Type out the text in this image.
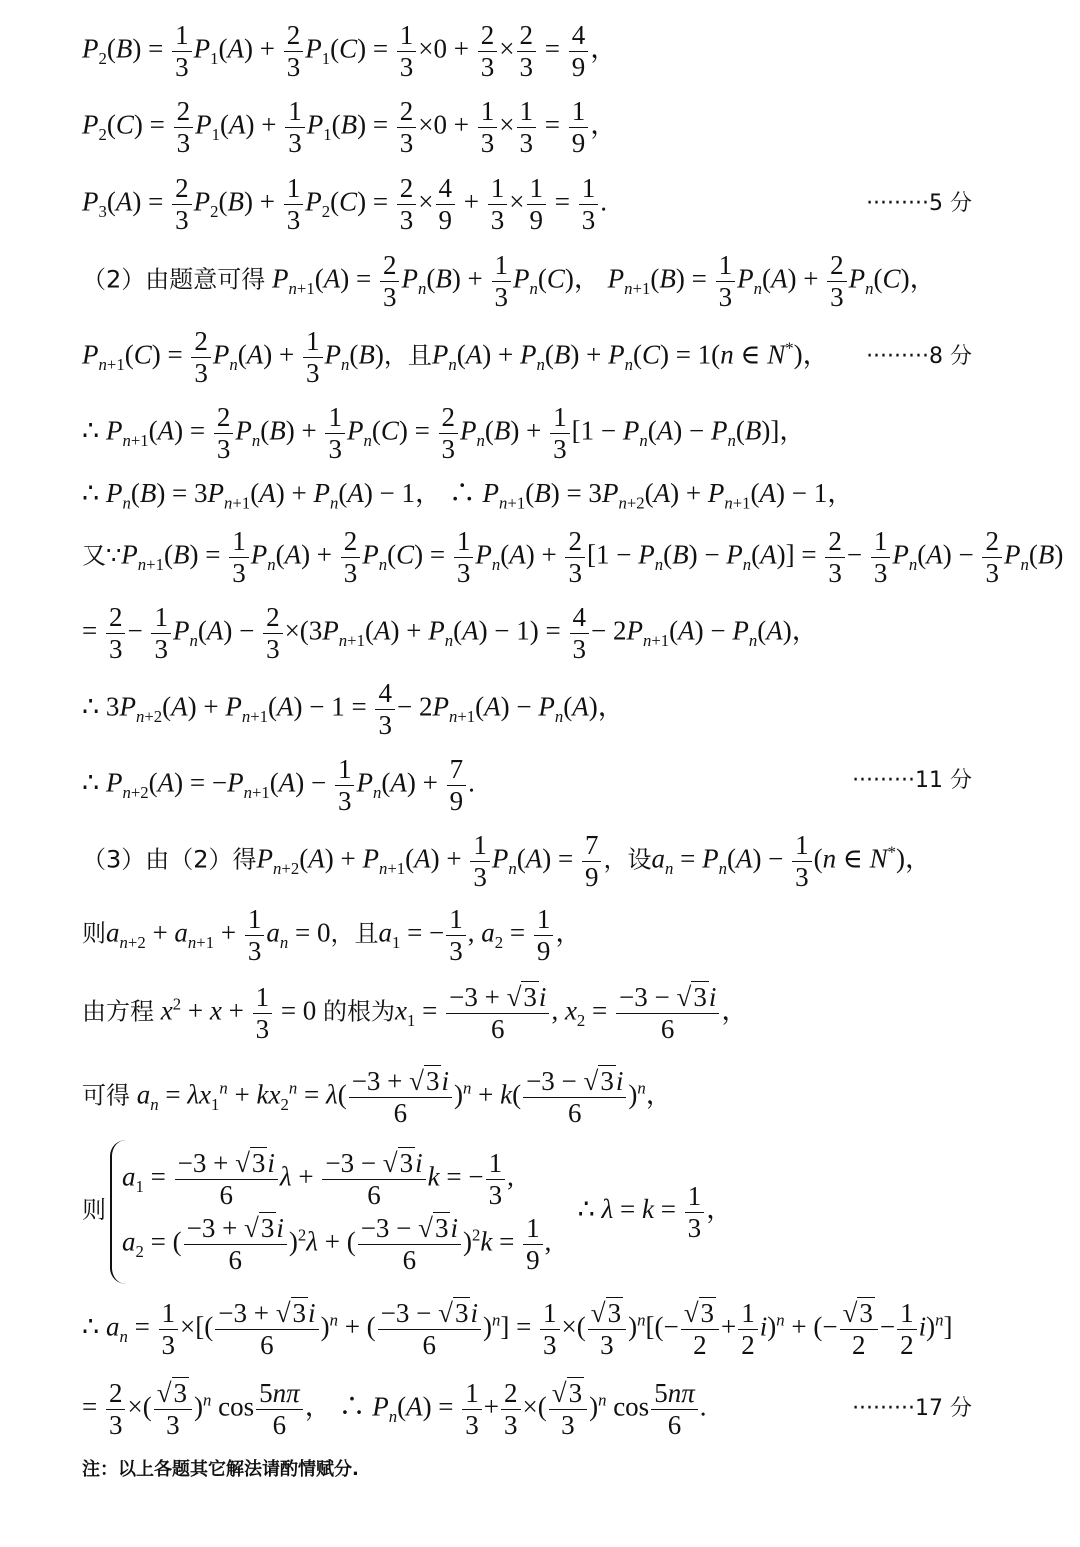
$P_2(B) = \frac{1}{3} P_1(A) + \frac{2}{3} P_1(C) = \frac{1}{3} \times 0 + \frac{2}{3} \times \frac{2}{3} = \frac{4}{9}$ ，
$P_2(C) = \frac{2}{3} P_1(A) + \frac{1}{3} P_1(B) = \frac{2}{3} \times 0 + \frac{1}{3} \times \frac{1}{3} = \frac{1}{9}$ ，
$P_3(A) = \frac{2}{3} P_2(B) + \frac{1}{3} P_2(C) = \frac{2}{3} \times \frac{4}{9} + \frac{1}{3} \times \frac{1}{9} = \frac{1}{3}$ .	·········5 分
（2）由题意可得 $P_{n+1}(A) = \frac{2}{3} P_n(B) + \frac{1}{3} P_n(C)$， $P_{n+1}(B) = \frac{1}{3} P_n(A) + \frac{2}{3} P_n(C)$，
$P_{n+1}(C) = \frac{2}{3} P_n(A) + \frac{1}{3} P_n(B)$，且$P_n(A) + P_n(B) + P_n(C) = 1(n$ ∈ N*)， ·········8 分
∴ $P_{n+1}(A) = \frac{2}{3} P_n(B) + \frac{1}{3} P_n(C) = \frac{2}{3} P_n(B) + \frac{1}{3} [1 - P_n(A) - P_n(B)]$，
∴ $P_n(B) = 3P_{n+1}(A) + P_n(A) - 1$， ∴ $P_{n+1}(B) = 3P_{n+2}(A) + P_{n+1}(A) - 1$，
又$\because P_{n+1}(B) = \frac{1}{3} P_n(A) + \frac{2}{3} P_n(C) = \frac{1}{3} P_n(A) + \frac{2}{3} [1 - P_n(B) - P_n(A)] = \frac{2}{3} - \frac{1}{3} P_n(A) - \frac{2}{3} P_n(B)$
= $\frac{2}{3} - \frac{1}{3} P_n(A) - \frac{2}{3} \times(3P_{n+1}(A) + P_n(A) - 1) = \frac{4}{3} - 2P_{n+1}(A) - P_n(A)$，
∴ $3P_{n+2}(A) + P_{n+1}(A) - 1 = \frac{4}{3} - 2P_{n+1}(A) - P_n(A)$，
∴ $P_{n+2}(A) = -P_{n+1}(A) - \frac{1}{3} P_n(A) + \frac{7}{9}$ .	·········11 分
（3）由（2）得$P_{n+2}(A) + P_{n+1}(A) + \frac{1}{3} P_n(A) = \frac{7}{9}$ ，设$a_n = P_n(A) - \frac{1}{3} (n$ ∈ N*)，
则$a_{n+2} + a_{n+1} + \frac{1}{3} a_n = 0$，且$a_1$ = − $\frac{1}{3}$ , $a_2 = \frac{1}{9}$ ，
由方程 $x^2 + x + \frac{1}{3} = 0$ 的根为$x_1 = \frac{-3 + √3i}{6}$ , $x_2 = \frac{-3 - √3i}{6}$ ，
可得 $a_n = \lambda x_1^n + kx_2^n = \lambda( \frac{-3 + √3i}{6} )^n + k( \frac{-3 - √3i}{6} )^n$，
则
$a_1 = \frac{-3 + √3i}{6}$ $\lambda + \frac{-3 - √3i}{6}$ k = − $\frac{1}{3}$ ,
$a_2$ = ( $\frac{-3 + √3i}{6} )^2\lambda$ + ( $\frac{-3 - √3i}{6} )^2k = \frac{1}{9}$ ,
∴ $\lambda = k = \frac{1}{3}$ ，
∴ $a_n = \frac{1}{3}$ ×[( $\frac{-3 + √3i}{6} )^n$ + ( $\frac{-3 - √3i}{6} )^n] = \frac{1}{3}$ ×( $\frac{√3}{3} )^n[(- \frac{√3}{2} + \frac{1}{2} i)^n$ + (− $\frac{√3}{2} - \frac{1}{2} i)^n$]
= $\frac{2}{3}$ ×( $\frac{√3}{3} )^n$ $\cos \frac{5n\pi}{6}$ ， ∴ $P_n(A) = \frac{1}{3} + \frac{2}{3}$ ×( $\frac{√3}{3} )^n$ $\cos \frac{5n\pi}{6}$ .	·········17 分
注：以上各题其它解法请酌情赋分.
